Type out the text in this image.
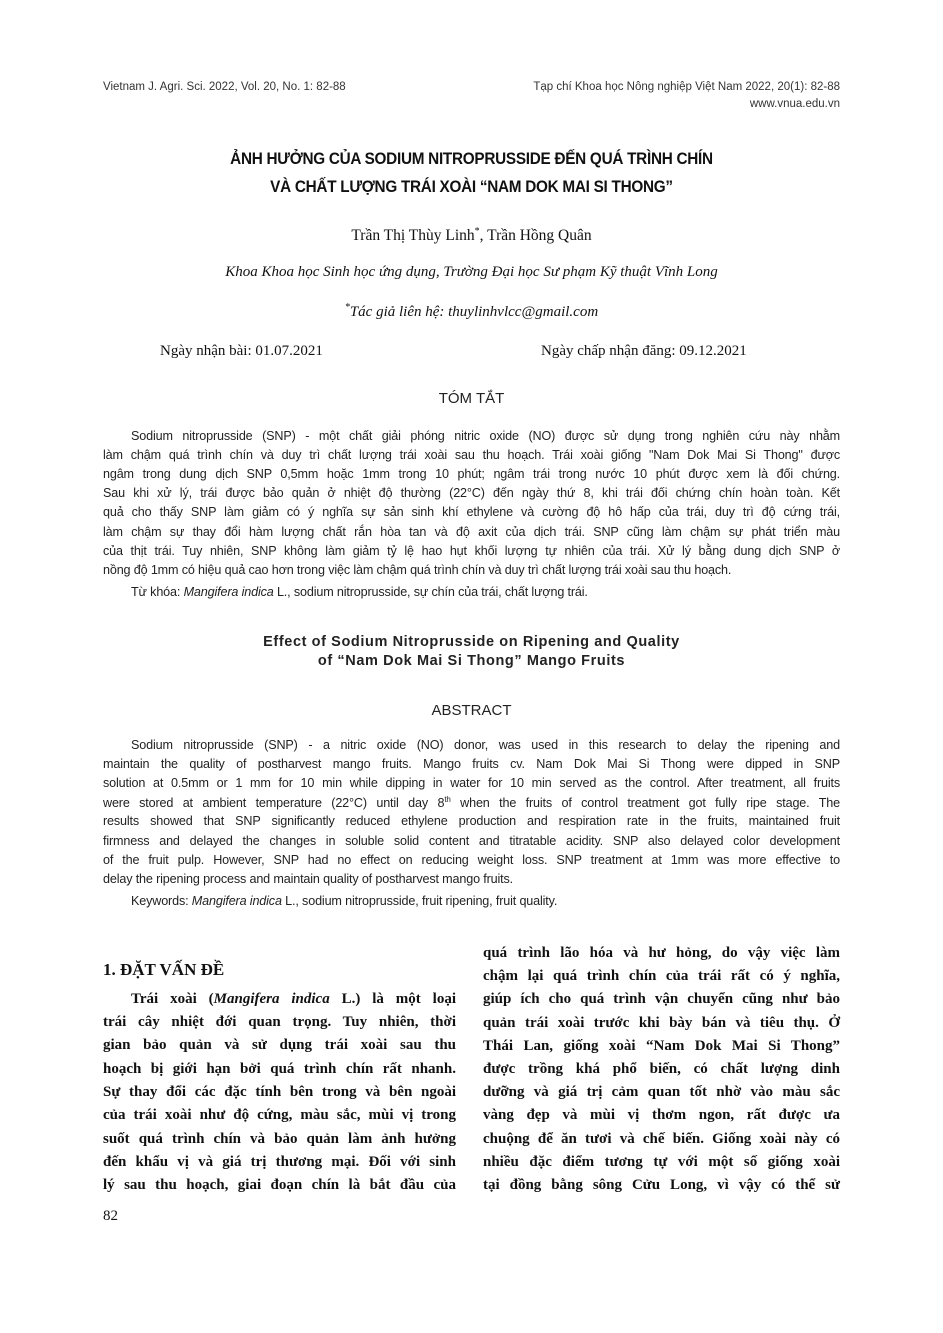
Vietnam J. Agri. Sci. 2022, Vol. 20, No. 1: 82-88	Tạp chí Khoa học Nông nghiệp Việt Nam 2022, 20(1): 82-88
www.vnua.edu.vn
ẢNH HƯỞNG CỦA SODIUM NITROPRUSSIDE ĐẾN QUÁ TRÌNH CHÍN
VÀ CHẤT LƯỢNG TRÁI XOÀI “NAM DOK MAI SI THONG”
Trần Thị Thùy Linh*, Trần Hồng Quân
Khoa Khoa học Sinh học ứng dụng, Trường Đại học Sư phạm Kỹ thuật Vĩnh Long
*Tác giả liên hệ: thuylinhvlcc@gmail.com
Ngày nhận bài: 01.07.2021	Ngày chấp nhận đăng: 09.12.2021
TÓM TẮT
Sodium nitroprusside (SNP) - một chất giải phóng nitric oxide (NO) được sử dụng trong nghiên cứu này nhằm
làm chậm quá trình chín và duy trì chất lượng trái xoài sau thu hoạch. Trái xoài giống "Nam Dok Mai Si Thong" được
ngâm trong dung dịch SNP 0,5mm hoặc 1mm trong 10 phút; ngâm trái trong nước 10 phút được xem là đối chứng.
Sau khi xử lý, trái được bảo quản ở nhiệt độ thường (22°C) đến ngày thứ 8, khi trái đối chứng chín hoàn toàn. Kết
quả cho thấy SNP làm giảm có ý nghĩa sự sản sinh khí ethylene và cường độ hô hấp của trái, duy trì độ cứng trái,
làm chậm sự thay đổi hàm lượng chất rắn hòa tan và độ axit của dịch trái. SNP cũng làm chậm sự phát triển màu
của thịt trái. Tuy nhiên, SNP không làm giảm tỷ lệ hao hụt khối lượng tự nhiên của trái. Xử lý bằng dung dịch SNP ở
nồng độ 1mm có hiệu quả cao hơn trong việc làm chậm quá trình chín và duy trì chất lượng trái xoài sau thu hoạch.
Từ khóa: Mangifera indica L., sodium nitroprusside, sự chín của trái, chất lượng trái.
Effect of Sodium Nitroprusside on Ripening and Quality
of “Nam Dok Mai Si Thong” Mango Fruits
ABSTRACT
Sodium nitroprusside (SNP) - a nitric oxide (NO) donor, was used in this research to delay the ripening and
maintain the quality of postharvest mango fruits. Mango fruits cv. Nam Dok Mai Si Thong were dipped in SNP
solution at 0.5mm or 1 mm for 10 min while dipping in water for 10 min served as the control. After treatment, all fruits
were stored at ambient temperature (22°C) until day 8th when the fruits of control treatment got fully ripe stage. The
results showed that SNP significantly reduced ethylene production and respiration rate in the fruits, maintained fruit
firmness and delayed the changes in soluble solid content and titratable acidity. SNP also delayed color development
of the fruit pulp. However, SNP had no effect on reducing weight loss. SNP treatment at 1mm was more effective to
delay the ripening process and maintain quality of postharvest mango fruits.
Keywords: Mangifera indica L., sodium nitroprusside, fruit ripening, fruit quality.
1. ĐẶT VẤN ĐỀ
Trái xoài (Mangifera indica L.) là một loại
trái cây nhiệt đới quan trọng. Tuy nhiên, thời
gian bảo quản và sử dụng trái xoài sau thu
hoạch bị giới hạn bởi quá trình chín rất nhanh.
Sự thay đổi các đặc tính bên trong và bên ngoài
của trái xoài như độ cứng, màu sắc, mùi vị trong
suốt quá trình chín và bảo quản làm ảnh hưởng
đến khẩu vị và giá trị thương mại. Đối với sinh
lý sau thu hoạch, giai đoạn chín là bắt đầu của
quá trình lão hóa và hư hỏng, do vậy việc làm
chậm lại quá trình chín của trái rất có ý nghĩa,
giúp ích cho quá trình vận chuyển cũng như bảo
quản trái xoài trước khi bày bán và tiêu thụ. Ở
Thái Lan, giống xoài “Nam Dok Mai Si Thong”
được trồng khá phổ biến, có chất lượng dinh
dưỡng và giá trị cảm quan tốt nhờ vào màu sắc
vàng đẹp và mùi vị thơm ngon, rất được ưa
chuộng để ăn tươi và chế biến. Giống xoài này có
nhiều đặc điểm tương tự với một số giống xoài
tại đồng bằng sông Cửu Long, vì vậy có thể sử
82
